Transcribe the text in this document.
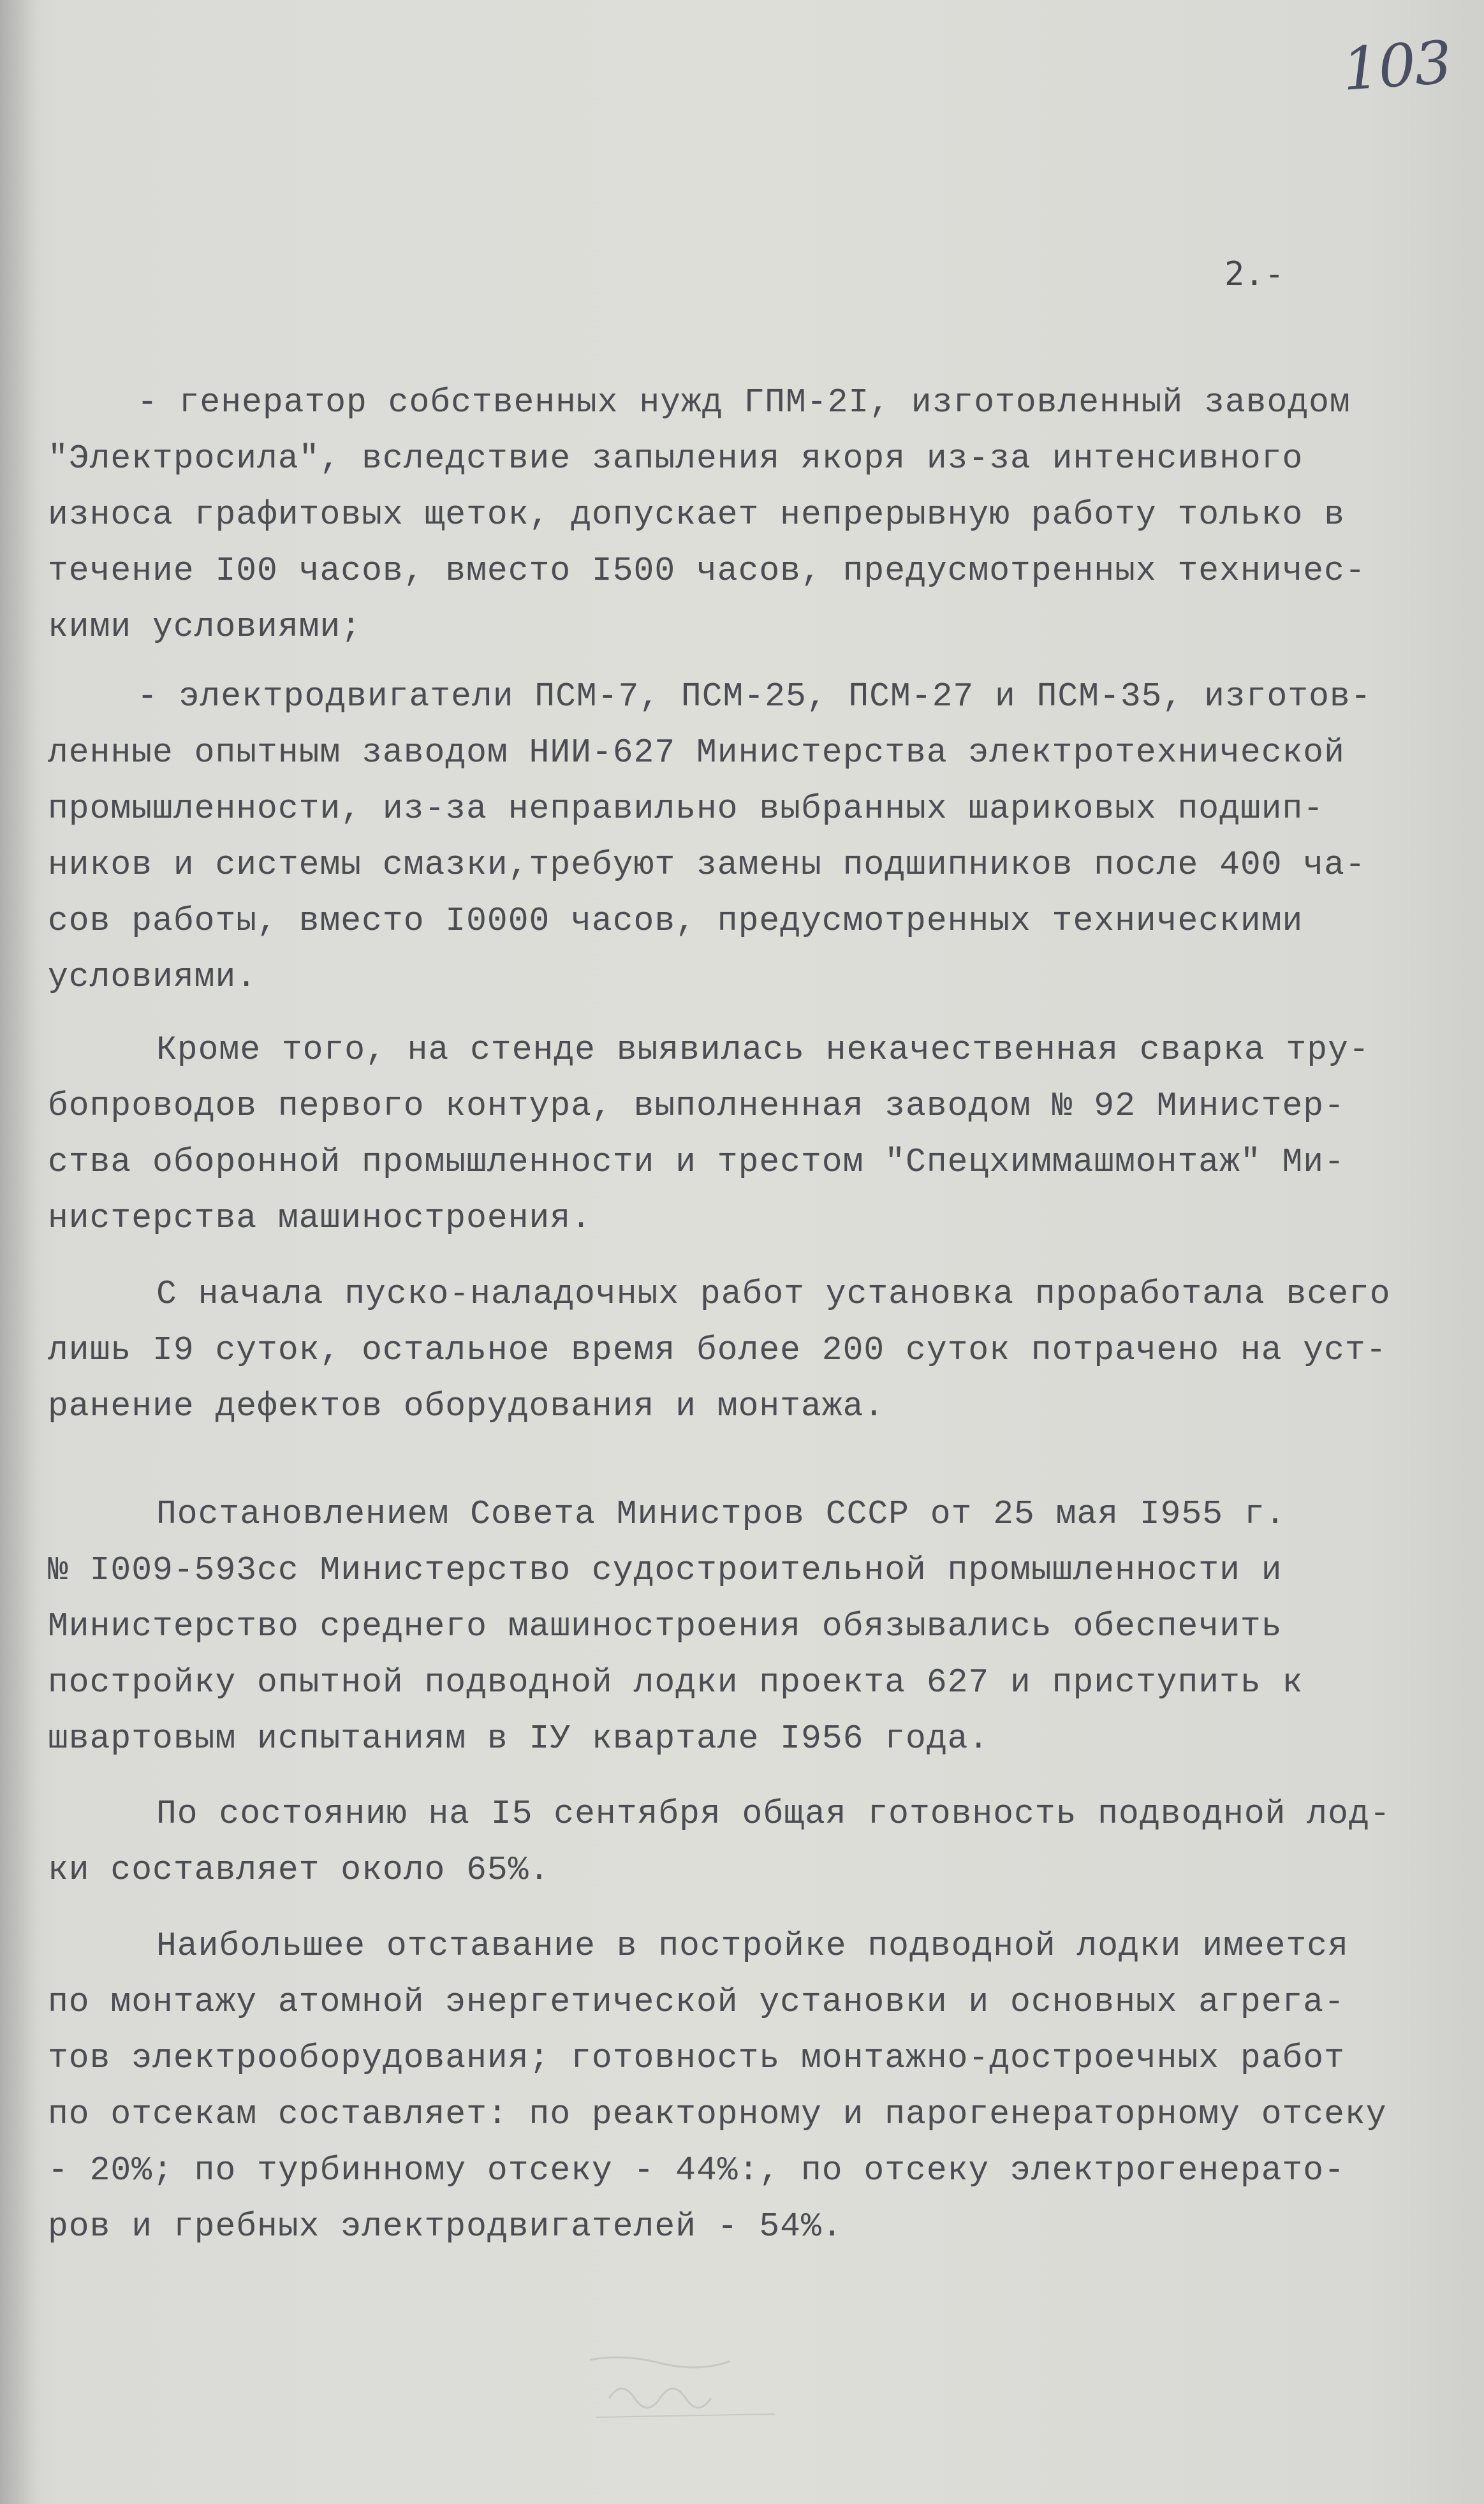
103
2.-
- генератор собственных нужд ГПМ-2I, изготовленный заводом
"Электросила", вследствие запыления якоря из-за интенсивного
износа графитовых щеток, допускает непрерывную работу только в
течение I00 часов, вместо I500 часов, предусмотренных техничес-
кими условиями;
- электродвигатели ПСМ-7, ПСМ-25, ПСМ-27 и ПСМ-35, изготов-
ленные опытным заводом НИИ-627 Министерства электротехнической
промышленности, из-за неправильно выбранных шариковых подшип-
ников и системы смазки,требуют замены подшипников после 400 ча-
сов работы, вместо I0000 часов, предусмотренных техническими
условиями.
Кроме того, на стенде выявилась некачественная сварка тру-
бопроводов первого контура, выполненная заводом № 92 Министер-
ства оборонной промышленности и трестом "Спецхиммашмонтаж" Ми-
нистерства машиностроения.
С начала пуско-наладочных работ установка проработала всего
лишь I9 суток, остальное время более 200 суток потрачено на уст-
ранение дефектов оборудования и монтажа.
Постановлением Совета Министров СССР от 25 мая I955 г.
№ I009-593сс Министерство судостроительной промышленности и
Министерство среднего машиностроения обязывались обеспечить
постройку опытной подводной лодки проекта 627 и приступить к
швартовым испытаниям в IУ квартале I956 года.
По состоянию на I5 сентября общая готовность подводной лод-
ки составляет около 65%.
Наибольшее отставание в постройке подводной лодки имеется
по монтажу атомной энергетической установки и основных агрега-
тов электрооборудования; готовность монтажно-достроечных работ
по отсекам составляет: по реакторному и парогенераторному отсеку
- 20%; по турбинному отсеку - 44%:, по отсеку электрогенерато-
ров и гребных электродвигателей - 54%.
